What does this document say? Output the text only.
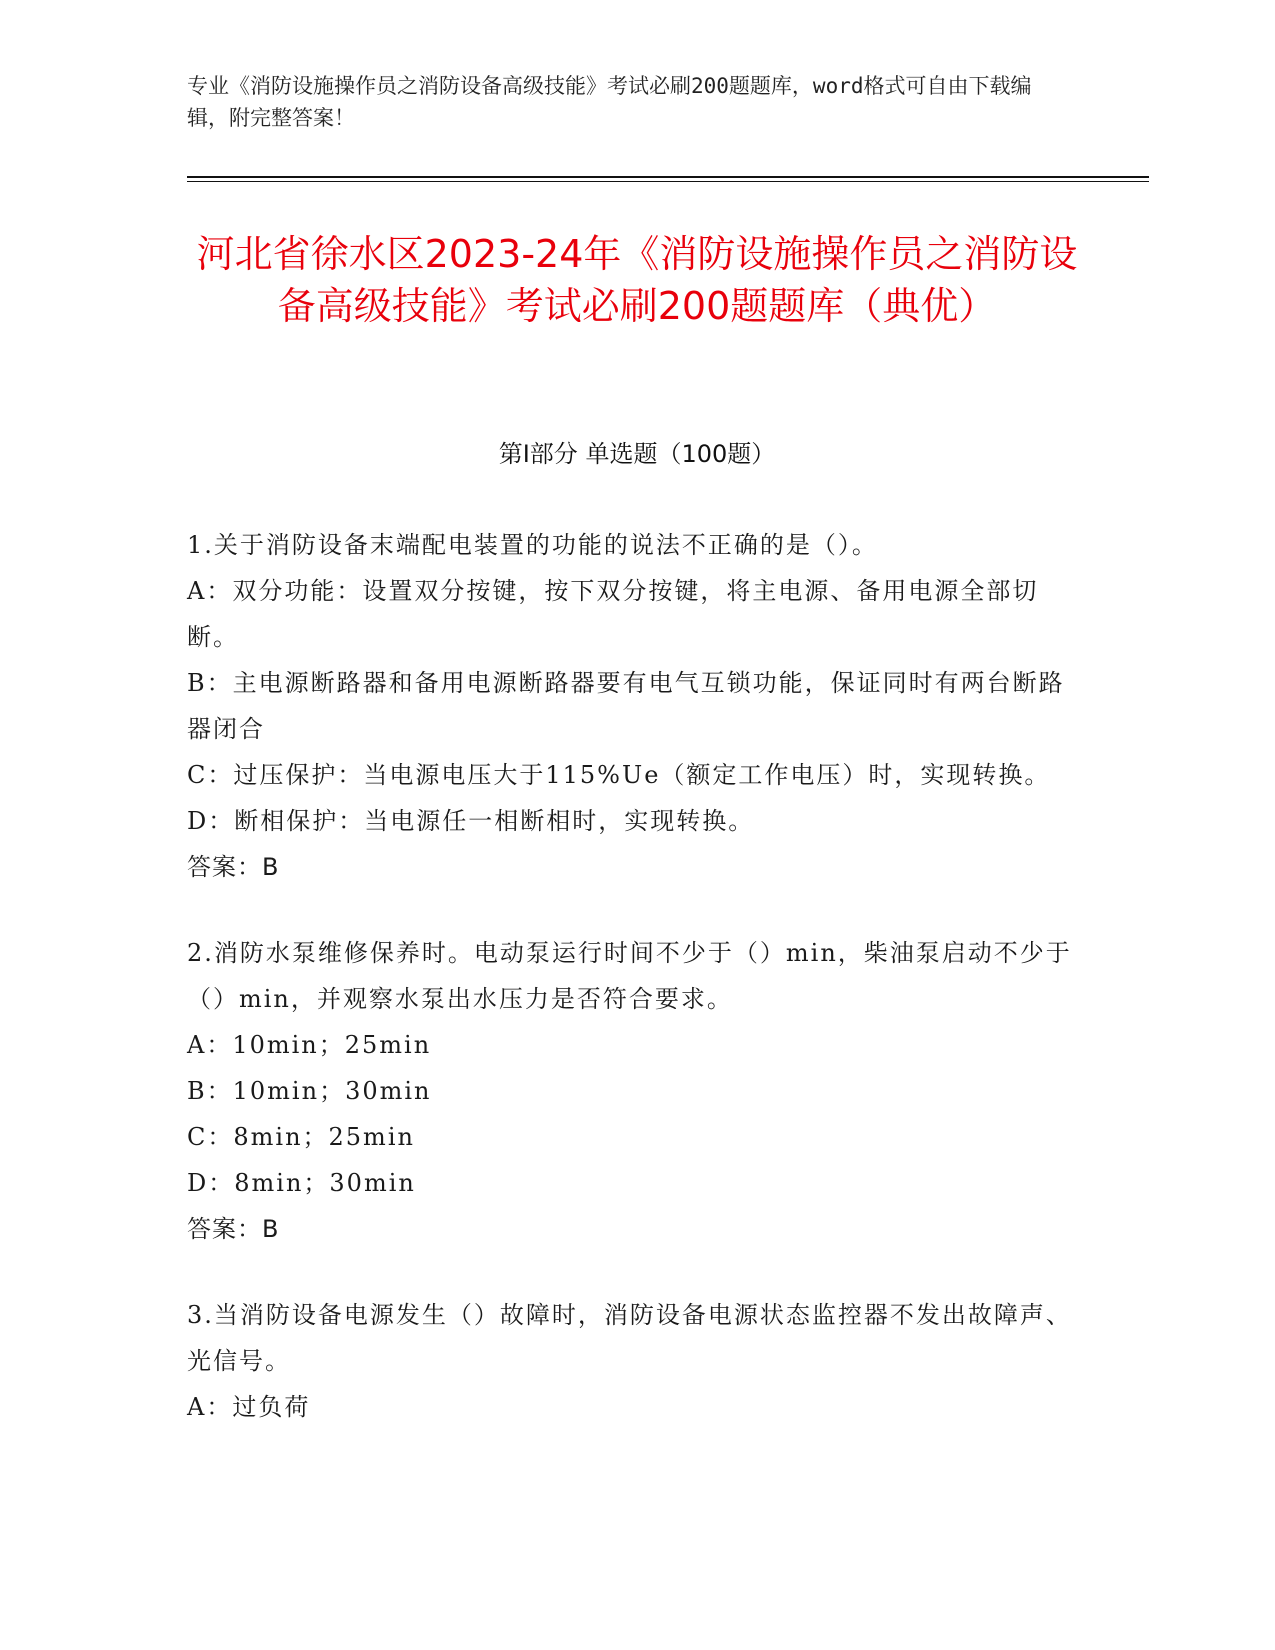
专业《消防设施操作员之消防设备高级技能》考试必刷200题题库，word格式可自由下载编辑，附完整答案！
河北省徐水区2023-24年《消防设施操作员之消防设备高级技能》考试必刷200题题库（典优）
第Ⅰ部分 单选题（100题）
1.关于消防设备末端配电装置的功能的说法不正确的是（）。
A：双分功能：设置双分按键，按下双分按键，将主电源、备用电源全部切断。
B：主电源断路器和备用电源断路器要有电气互锁功能，保证同时有两台断路器闭合
C：过压保护：当电源电压大于115%Ue（额定工作电压）时，实现转换。
D：断相保护：当电源任一相断相时，实现转换。
答案：B
2.消防水泵维修保养时。电动泵运行时间不少于（）min，柴油泵启动不少于（）min，并观察水泵出水压力是否符合要求。
A：10min；25min
B：10min；30min
C：8min；25min
D：8min；30min
答案：B
3.当消防设备电源发生（）故障时，消防设备电源状态监控器不发出故障声、光信号。
A：过负荷
